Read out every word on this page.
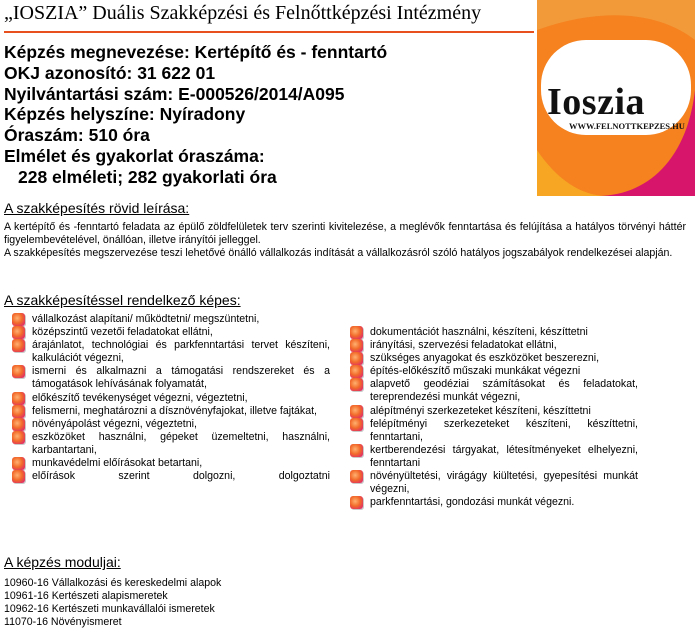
„IOSZIA” Duális Szakképzési és Felnőttképzési Intézmény
Ioszia
WWW.FELNOTTKEPZES.HU
Képzés megnevezése: Kertépítő és - fenntartó
OKJ azonosító: 31 622 01
Nyilvántartási szám: E-000526/2014/A095
Képzés helyszíne: Nyíradony
Óraszám: 510 óra
Elmélet és gyakorlat óraszáma:
228 elméleti; 282 gyakorlati óra
A szakképesítés rövid leírása:

A kertépítő és -fenntartó feladata az épülő zöldfelületek terv szerinti kivitelezése, a meglévők fenntartása és felújítása a hatályos törvényi háttér figyelembevételével, önállóan, illetve irányítói jelleggel.

A szakképesítés megszervezése teszi lehetővé önálló vállalkozás indítását a vállalkozásról szóló hatályos jogszabályok rendelkezései alapján.

A szakképesítéssel rendelkező képes:
vállalkozást alapítani/ működtetni/ megszüntetni,
középszintű vezetői feladatokat ellátni,
árajánlatot, technológiai és parkfenntartási tervet készíteni, kalkulációt végezni,
ismerni és alkalmazni a támogatási rendszereket és a támogatások lehívásának folyamatát,
előkészítő tevékenységet végezni, végeztetni,
felismerni, meghatározni a dísznövényfajokat, illetve fajtákat,
növényápolást végezni, végeztetni,
eszközöket használni, gépeket üzemeltetni, használni, karbantartani,
munkavédelmi előírásokat betartani,
előírások szerint dolgozni, dolgoztatni
dokumentációt használni, készíteni, készíttetni
irányítási, szervezési feladatokat ellátni,
szükséges anyagokat és eszközöket beszerezni,
építés-előkészítő műszaki munkákat végezni
alapvető geodéziai számításokat és feladatokat, tereprendezési munkát végezni,
alépítményi szerkezeteket készíteni, készíttetni
felépítményi szerkezeteket készíteni, készíttetni, fenntartani,
kertberendezési tárgyakat, létesítményeket elhelyezni, fenntartani
növényültetési, virágágy kiültetési, gyepesítési munkát végezni,
parkfenntartási, gondozási munkát végezni.
A képzés moduljai:
10960-16 Vállalkozási és kereskedelmi alapok
10961-16 Kertészeti alapismeretek
10962-16 Kertészeti munkavállalói ismeretek
11070-16 Növényismeret
